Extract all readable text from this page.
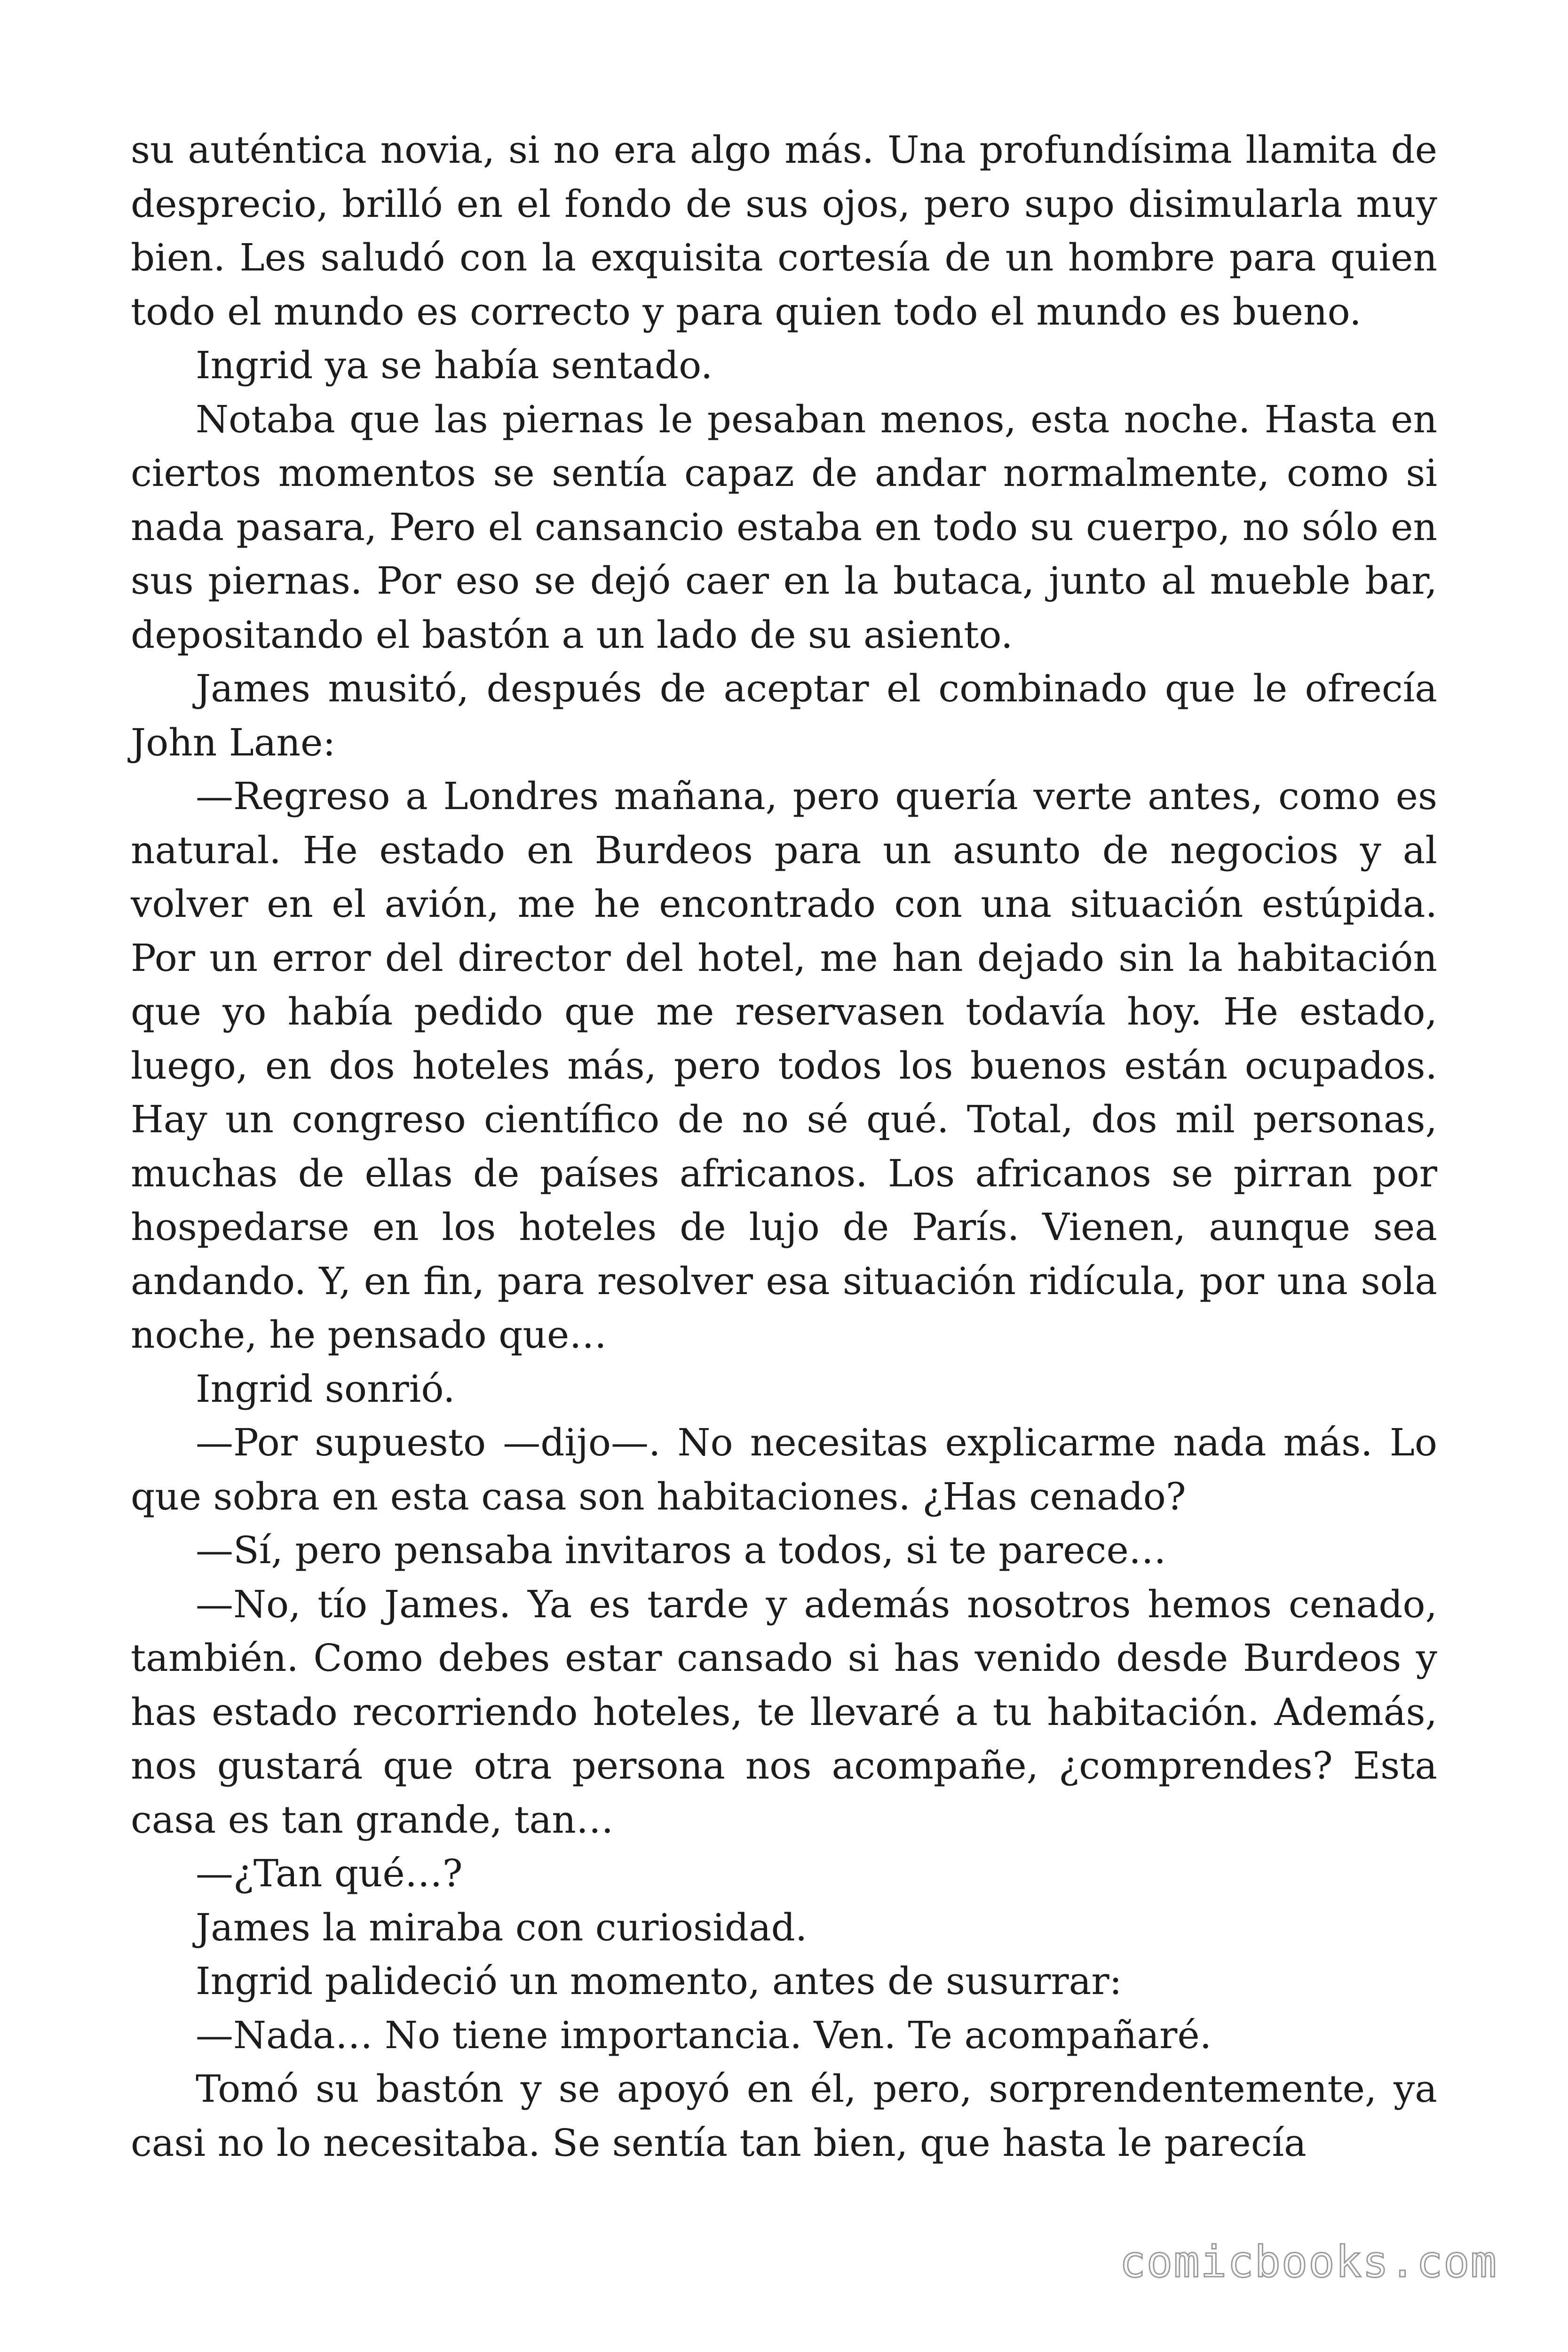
su auténtica novia, si no era algo más. Una profundísima llamita de desprecio, brilló en el fondo de sus ojos, pero supo disimularla muy bien. Les saludó con la exquisita cortesía de un hombre para quien todo el mundo es correcto y para quien todo el mundo es bueno.

Ingrid ya se había sentado.

Notaba que las piernas le pesaban menos, esta noche. Hasta en ciertos momentos se sentía capaz de andar normalmente, como si nada pasara, Pero el cansancio estaba en todo su cuerpo, no sólo en sus piernas. Por eso se dejó caer en la butaca, junto al mueble bar, depositando el bastón a un lado de su asiento.

James musitó, después de aceptar el combinado que le ofrecía John Lane:

—Regreso a Londres mañana, pero quería verte antes, como es natural. He estado en Burdeos para un asunto de negocios y al volver en el avión, me he encontrado con una situación estúpida. Por un error del director del hotel, me han dejado sin la habitación que yo había pedido que me reservasen todavía hoy. He estado, luego, en dos hoteles más, pero todos los buenos están ocupados. Hay un congreso científico de no sé qué. Total, dos mil personas, muchas de ellas de países africanos. Los africanos se pirran por hospedarse en los hoteles de lujo de París. Vienen, aunque sea andando. Y, en fin, para resolver esa situación ridícula, por una sola noche, he pensado que…

Ingrid sonrió.

—Por supuesto —dijo—. No necesitas explicarme nada más. Lo que sobra en esta casa son habitaciones. ¿Has cenado?

—Sí, pero pensaba invitaros a todos, si te parece…

—No, tío James. Ya es tarde y además nosotros hemos cenado, también. Como debes estar cansado si has venido desde Burdeos y has estado recorriendo hoteles, te llevaré a tu habitación. Además, nos gustará que otra persona nos acompañe, ¿comprendes? Esta casa es tan grande, tan…

—¿Tan qué…?

James la miraba con curiosidad.

Ingrid palideció un momento, antes de susurrar:

—Nada… No tiene importancia. Ven. Te acompañaré.

Tomó su bastón y se apoyó en él, pero, sorprendentemente, ya casi no lo necesitaba. Se sentía tan bien, que hasta le parecía

comicbooks.com
